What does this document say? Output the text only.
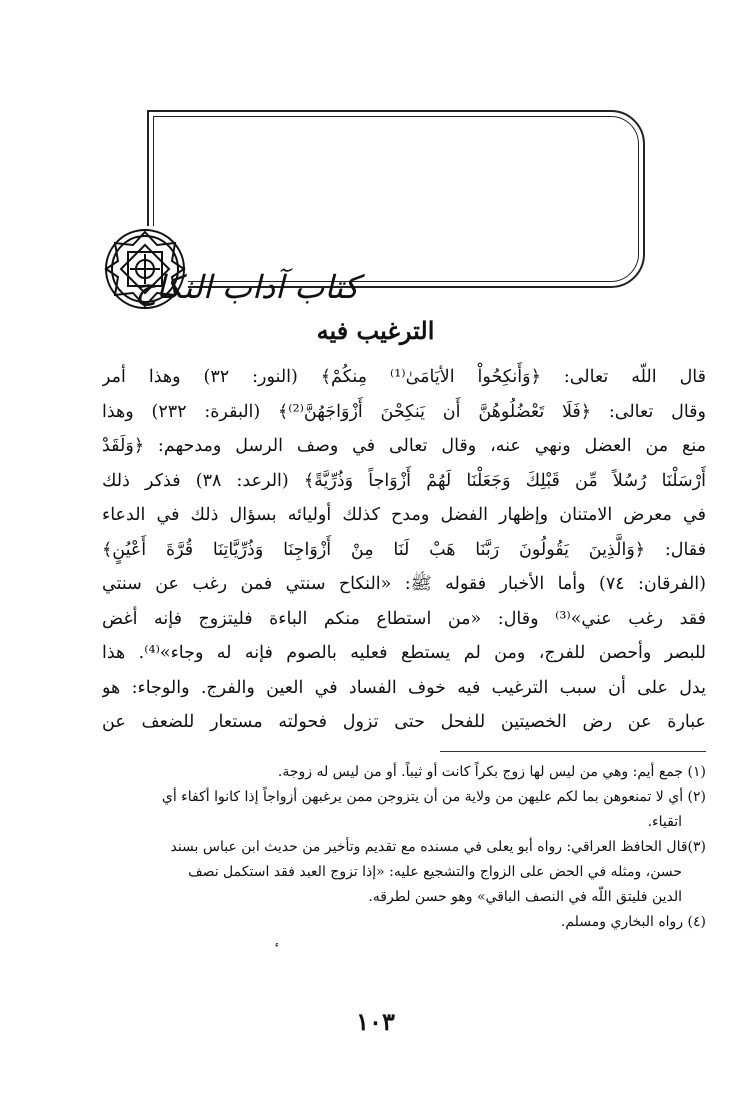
كتاب آداب النكاح
الترغيب فيه

قال اللّه تعالى: ﴿وَأَنكِحُواْ الأيَامَىٰ⁽¹⁾ مِنكُمْ﴾ (النور: ٣٢) وهذا أمر

وقال تعالى: ﴿فَلَا تَعْضُلُوهُنَّ أَن يَنكِحْنَ أَزْوَاجَهُنَّ⁽²⁾﴾ (البقرة: ٢٣٢) وهذا

منع من العضل ونهي عنه، وقال تعالى في وصف الرسل ومدحهم: ﴿وَلَقَدْ

أَرْسَلْنَا رُسُلاً مِّن قَبْلِكَ وَجَعَلْنَا لَهُمْ أَزْوَاجاً وَذُرِّيَّةً﴾ (الرعد: ٣٨) فذكر ذلك

في معرض الامتنان وإظهار الفضل ومدح كذلك أوليائه بسؤال ذلك في الدعاء

فقال: ﴿وَالَّذِينَ يَقُولُونَ رَبَّنَا هَبْ لَنَا مِنْ أَزْوَاجِنَا وَذُرِّيَّاتِنَا قُرَّةَ أَعْيُنٍ﴾

(الفرقان: ٧٤) وأما الأخبار فقوله ﷺ: «النكاح سنتي فمن رغب عن سنتي

فقد رغب عني»⁽³⁾ وقال: «من استطاع منكم الباءة فليتزوج فإنه أغض

للبصر وأحصن للفرج، ومن لم يستطع فعليه بالصوم فإنه له وجاء»⁽⁴⁾. هذا

يدل على أن سبب الترغيب فيه خوف الفساد في العين والفرج. والوجاء: هو

عبارة عن رض الخصيتين للفحل حتى تزول فحولته مستعار للضعف عن

(١) جمع أيم: وهي من ليس لها زوج بكراً كانت أو ثيباً. أو من ليس له زوجة.

(٢) أي لا تمنعوهن بما لكم عليهن من ولاية من أن يتزوجن ممن يرغبهن أزواجاً إذا كانوا أكفاء أي

اتقياء.

(٣)قال الحافظ العراقي: رواه أبو يعلى في مسنده مع تقديم وتأخير من حديث ابن عباس بسند

حسن، ومثله في الحض على الزواج والتشجيع عليه: «إذا تزوج العبد فقد استكمل نصف

الدين فليتق اللّه في النصف الباقي» وهو حسن لطرقه.

(٤) رواه البخاري ومسلم.

١٠٣
